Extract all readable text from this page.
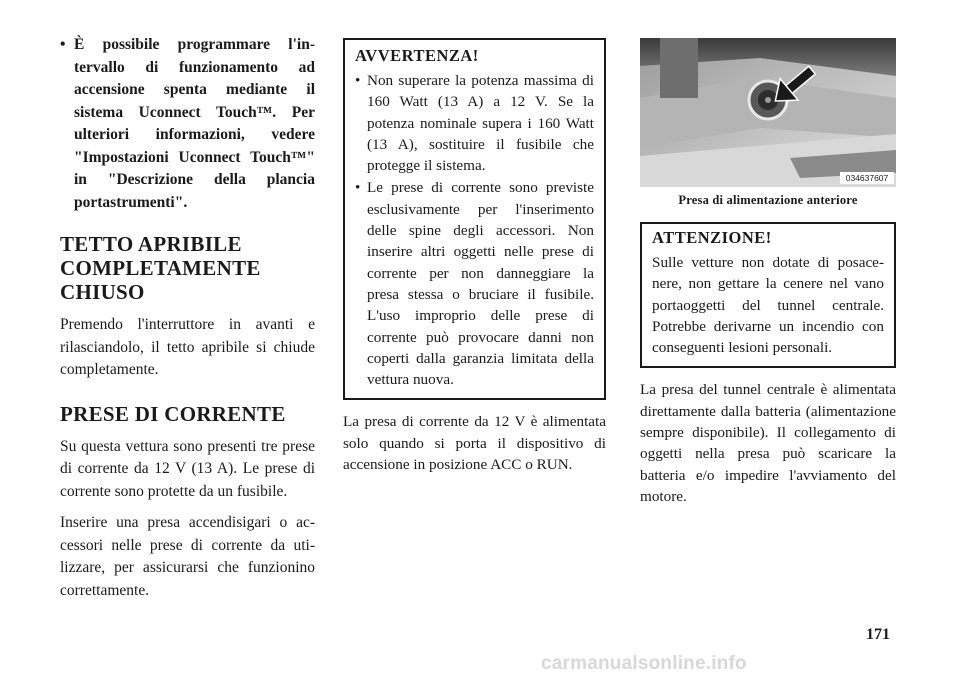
• È possibile programmare l'intervallo di funzionamento ad accensione spenta mediante il sistema Uconnect Touch™. Per ulteriori informazioni, vedere "Impostazioni Uconnect Touch™" in "Descrizione della plancia portastrumenti".

TETTO APRIBILE
COMPLETAMENTE
CHIUSO

Premendo l'interruttore in avanti e rilasciandolo, il tetto apribile si chiude completamente.

PRESE DI CORRENTE

Su questa vettura sono presenti tre prese di corrente da 12 V (13 A). Le prese di corrente sono protette da un fusibile.

Inserire una presa accendisigari o accessori nelle prese di corrente da utilizzare, per assicurarsi che funzionino correttamente.

AVVERTENZA!

• Non superare la potenza massima di 160 Watt (13 A) a 12 V. Se la potenza nominale supera i 160 Watt (13 A), sostituire il fusibile che protegge il sistema.

• Le prese di corrente sono previste esclusivamente per l'inserimento delle spine degli accessori. Non inserire altri oggetti nelle prese di corrente per non danneggiare la presa stessa o bruciare il fusibile. L'uso improprio delle prese di corrente può provocare danni non coperti dalla garanzia limitata della vettura nuova.

La presa di corrente da 12 V è alimentata solo quando si porta il dispositivo di accensione in posizione ACC o RUN.

034637607
Presa di alimentazione anteriore
ATTENZIONE!

Sulle vetture non dotate di posacenere, non gettare la cenere nel vano portaoggetti del tunnel centrale. Potrebbe derivarne un incendio con conseguenti lesioni personali.

La presa del tunnel centrale è alimentata direttamente dalla batteria (alimentazione sempre disponibile). Il collegamento di oggetti nella presa può scaricare la batteria e/o impedire l'avviamento del motore.

171
carmanualsonline.info
